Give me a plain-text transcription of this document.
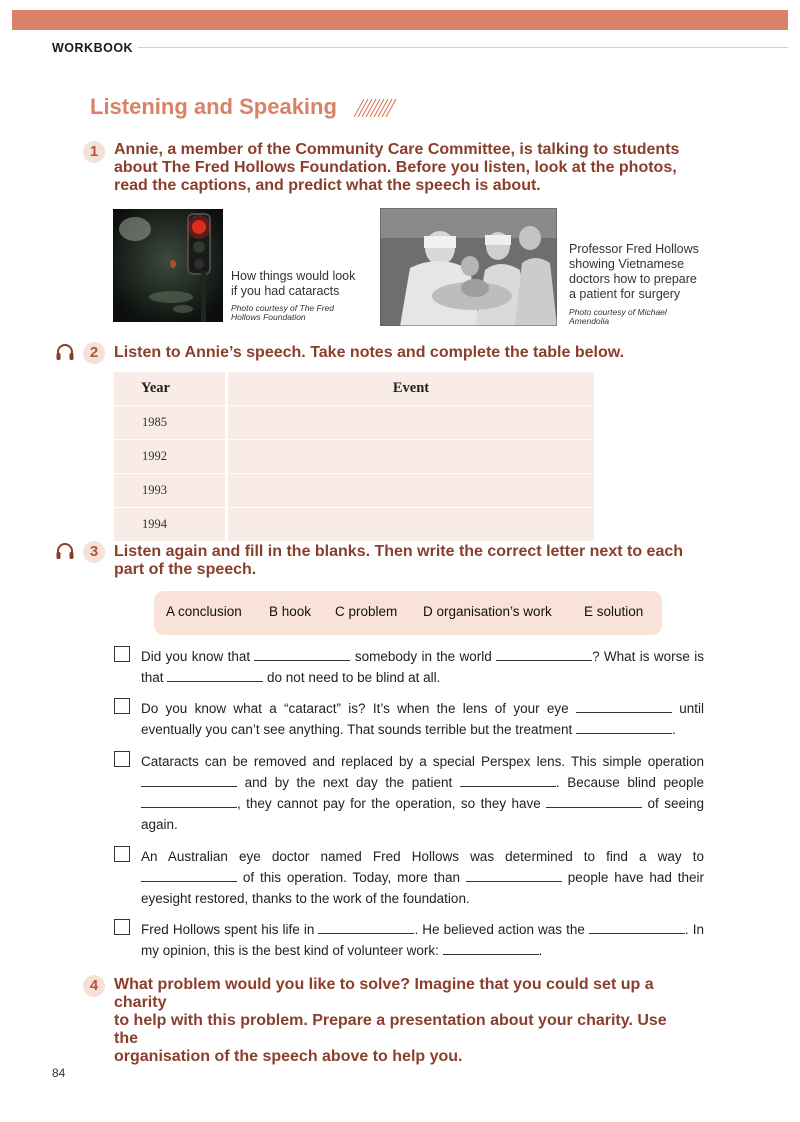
WORKBOOK
Listening and Speaking
1 Annie, a member of the Community Care Committee, is talking to students
about The Fred Hollows Foundation. Before you listen, look at the photos,
read the captions, and predict what the speech is about.
How things would look
if you had cataracts
Photo courtesy of The Fred
Hollows Foundation
Professor Fred Hollows
showing Vietnamese
doctors how to prepare
a patient for surgery
Photo courtesy of Michael
Amendolia
2 Listen to Annie’s speech. Take notes and complete the table below.
Year	Event
1985	
1992	
1993	
1994	
3 Listen again and fill in the blanks. Then write the correct letter next to each
part of the speech.
A conclusion B hook C problem D organisation’s work E solution
Did you know that	somebody in the world	? What is worse is that	do not need to be blind at all.
Do you know what a “cataract” is? It’s when the lens of your eye	until eventually you can’t see anything. That sounds terrible but the treatment	.
Cataracts can be removed and replaced by a special Perspex lens. This simple operation  and by the next day the patient	. Because blind people , they cannot pay for the operation, so they have	of seeing again.
An Australian eye doctor named Fred Hollows was determined to find a way to  of this operation. Today, more than	people have had their eyesight restored, thanks to the work of the foundation.
Fred Hollows spent his life in	. He believed action was the	. In my opinion, this is the best kind of volunteer work:	.
4 What problem would you like to solve? Imagine that you could set up a charity
to help with this problem. Prepare a presentation about your charity. Use the
organisation of the speech above to help you.
84
